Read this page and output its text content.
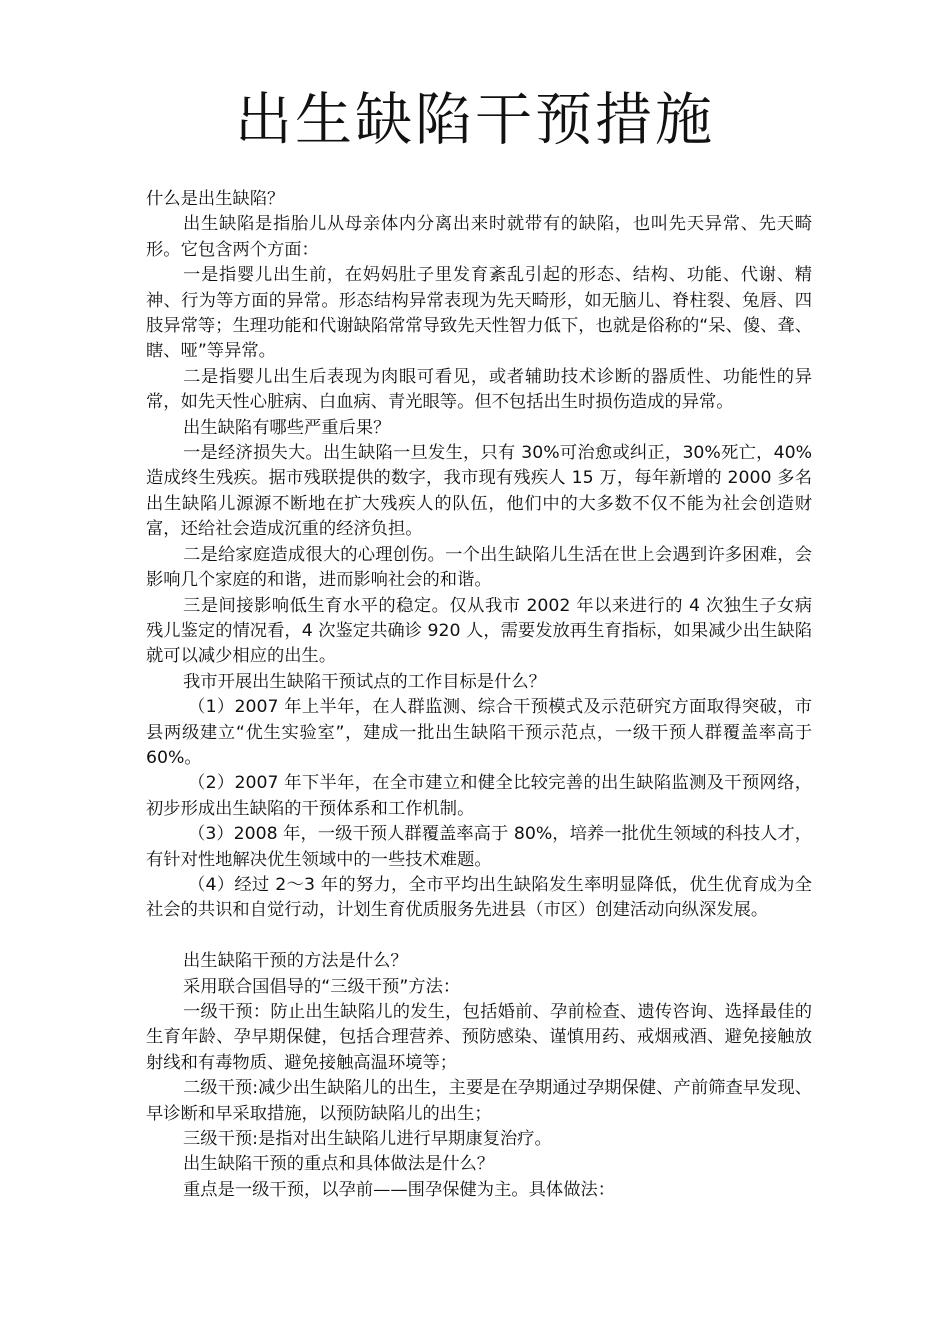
出生缺陷干预措施

什么是出生缺陷？

出生缺陷是指胎儿从母亲体内分离出来时就带有的缺陷，也叫先天异常、先天畸形。它包含两个方面：

一是指婴儿出生前，在妈妈肚子里发育紊乱引起的形态、结构、功能、代谢、精神、行为等方面的异常。形态结构异常表现为先天畸形，如无脑儿、脊柱裂、兔唇、四肢异常等；生理功能和代谢缺陷常常导致先天性智力低下，也就是俗称的“呆、傻、聋、瞎、哑”等异常。

二是指婴儿出生后表现为肉眼可看见，或者辅助技术诊断的器质性、功能性的异常，如先天性心脏病、白血病、青光眼等。但不包括出生时损伤造成的异常。

出生缺陷有哪些严重后果？

一是经济损失大。出生缺陷一旦发生，只有 30%可治愈或纠正，30%死亡，40%造成终生残疾。据市残联提供的数字，我市现有残疾人 15 万，每年新增的 2000 多名出生缺陷儿源源不断地在扩大残疾人的队伍，他们中的大多数不仅不能为社会创造财富，还给社会造成沉重的经济负担。

二是给家庭造成很大的心理创伤。一个出生缺陷儿生活在世上会遇到许多困难，会影响几个家庭的和谐，进而影响社会的和谐。

三是间接影响低生育水平的稳定。仅从我市 2002 年以来进行的 4 次独生子女病残儿鉴定的情况看，4 次鉴定共确诊 920 人，需要发放再生育指标，如果减少出生缺陷就可以减少相应的出生。

我市开展出生缺陷干预试点的工作目标是什么？

（1）2007 年上半年，在人群监测、综合干预模式及示范研究方面取得突破，市县两级建立“优生实验室”，建成一批出生缺陷干预示范点，一级干预人群覆盖率高于 60%。

（2）2007 年下半年，在全市建立和健全比较完善的出生缺陷监测及干预网络，初步形成出生缺陷的干预体系和工作机制。

（3）2008 年，一级干预人群覆盖率高于 80%，培养一批优生领域的科技人才，有针对性地解决优生领域中的一些技术难题。

（4）经过 2～3 年的努力，全市平均出生缺陷发生率明显降低，优生优育成为全社会的共识和自觉行动，计划生育优质服务先进县（市区）创建活动向纵深发展。

出生缺陷干预的方法是什么？

采用联合国倡导的“三级干预”方法：

一级干预：防止出生缺陷儿的发生，包括婚前、孕前检查、遗传咨询、选择最佳的生育年龄、孕早期保健，包括合理营养、预防感染、谨慎用药、戒烟戒酒、避免接触放射线和有毒物质、避免接触高温环境等；

二级干预:减少出生缺陷儿的出生，主要是在孕期通过孕期保健、产前筛查早发现、早诊断和早采取措施，以预防缺陷儿的出生；

三级干预:是指对出生缺陷儿进行早期康复治疗。

出生缺陷干预的重点和具体做法是什么？

重点是一级干预，以孕前——围孕保健为主。具体做法：
